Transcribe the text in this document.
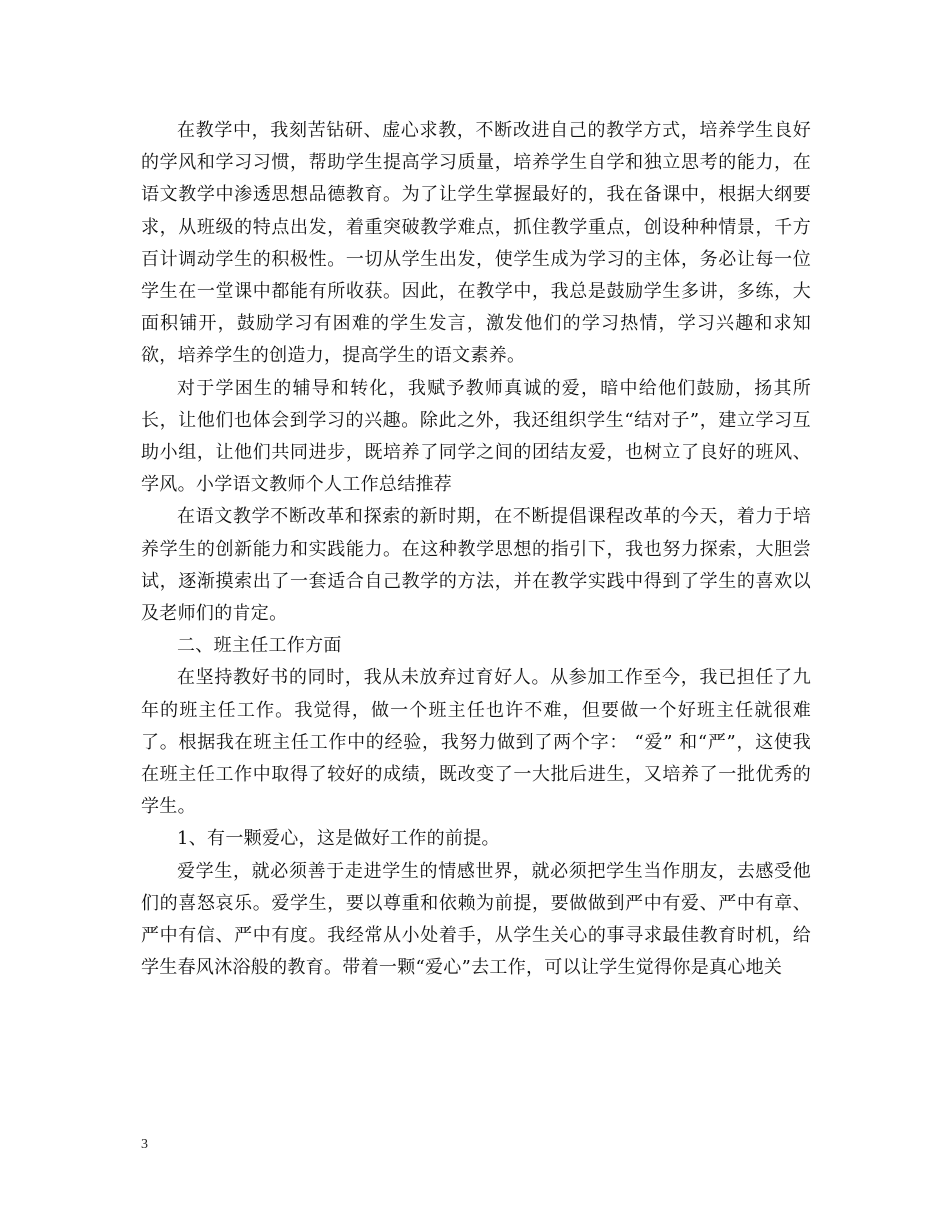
在教学中，我刻苦钻研、虚心求教，不断改进自己的教学方式，培养学生良好的学风和学习习惯，帮助学生提高学习质量，培养学生自学和独立思考的能力，在语文教学中渗透思想品德教育。为了让学生掌握最好的，我在备课中，根据大纲要求，从班级的特点出发，着重突破教学难点，抓住教学重点，创设种种情景，千方百计调动学生的积极性。一切从学生出发，使学生成为学习的主体，务必让每一位学生在一堂课中都能有所收获。因此，在教学中，我总是鼓励学生多讲，多练，大面积铺开，鼓励学习有困难的学生发言，激发他们的学习热情，学习兴趣和求知欲，培养学生的创造力，提高学生的语文素养。

对于学困生的辅导和转化，我赋予教师真诚的爱，暗中给他们鼓励，扬其所长，让他们也体会到学习的兴趣。除此之外，我还组织学生“结对子”，建立学习互助小组，让他们共同进步，既培养了同学之间的团结友爱，也树立了良好的班风、学风。小学语文教师个人工作总结推荐

在语文教学不断改革和探索的新时期，在不断提倡课程改革的今天，着力于培养学生的创新能力和实践能力。在这种教学思想的指引下，我也努力探索，大胆尝试，逐渐摸索出了一套适合自己教学的方法，并在教学实践中得到了学生的喜欢以及老师们的肯定。

二、班主任工作方面

在坚持教好书的同时，我从未放弃过育好人。从参加工作至今，我已担任了九年的班主任工作。我觉得，做一个班主任也许不难，但要做一个好班主任就很难了。根据我在班主任工作中的经验，我努力做到了两个字： “爱” 和“严”，这使我在班主任工作中取得了较好的成绩，既改变了一大批后进生，又培养了一批优秀的学生。

1、有一颗爱心，这是做好工作的前提。

爱学生，就必须善于走进学生的情感世界，就必须把学生当作朋友，去感受他们的喜怒哀乐。爱学生，要以尊重和依赖为前提，要做做到严中有爱、严中有章、严中有信、严中有度。我经常从小处着手，从学生关心的事寻求最佳教育时机，给学生春风沐浴般的教育。带着一颗“爱心”去工作，可以让学生觉得你是真心地关

3
